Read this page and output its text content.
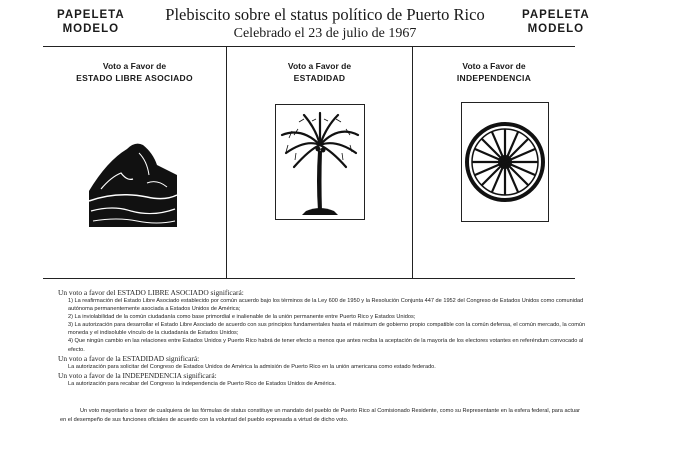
PAPELETA
MODELO
Plebiscito sobre el status político de Puerto Rico
Celebrado el 23 de julio de 1967
PAPELETA
MODELO
Voto a Favor de
ESTADO LIBRE ASOCIADO
Voto a Favor de
ESTADIDAD
Voto a Favor de
INDEPENDENCIA

Un voto a favor del ESTADO LIBRE ASOCIADO significará:

1) La reafirmación del Estado Libre Asociado establecido por común acuerdo bajo los términos de la Ley 600 de 1950 y la Resolución Conjunta 447 de 1952 del Congreso de Estados Unidos como comunidad autónoma permanentemente asociada a Estados Unidos de América;

2) La inviolabilidad de la común ciudadanía como base primordial e inalienable de la unión permanente entre Puerto Rico y Estados Unidos;

3) La autorización para desarrollar el Estado Libre Asociado de acuerdo con sus principios fundamentales hasta el máximum de gobierno propio compatible con la común defensa, el común mercado, la común moneda y el indisoluble vínculo de la ciudadanía de Estados Unidos;

4) Que ningún cambio en las relaciones entre Estados Unidos y Puerto Rico habrá de tener efecto a menos que antes reciba la aceptación de la mayoría de los electores votantes en referéndum convocado al efecto.

Un voto a favor de la ESTADIDAD significará:

La autorización para solicitar del Congreso de Estados Unidos de América la admisión de Puerto Rico en la unión americana como estado federado.

Un voto a favor de la INDEPENDENCIA significará:

La autorización para recabar del Congreso la independencia de Puerto Rico de Estados Unidos de América.

Un voto mayoritario a favor de cualquiera de las fórmulas de status constituye un mandato del pueblo de Puerto Rico al Comisionado Residente, como su Representante en la esfera federal, para actuar en el desempeño de sus funciones oficiales de acuerdo con la voluntad del pueblo expresada a virtud de dicho voto.
